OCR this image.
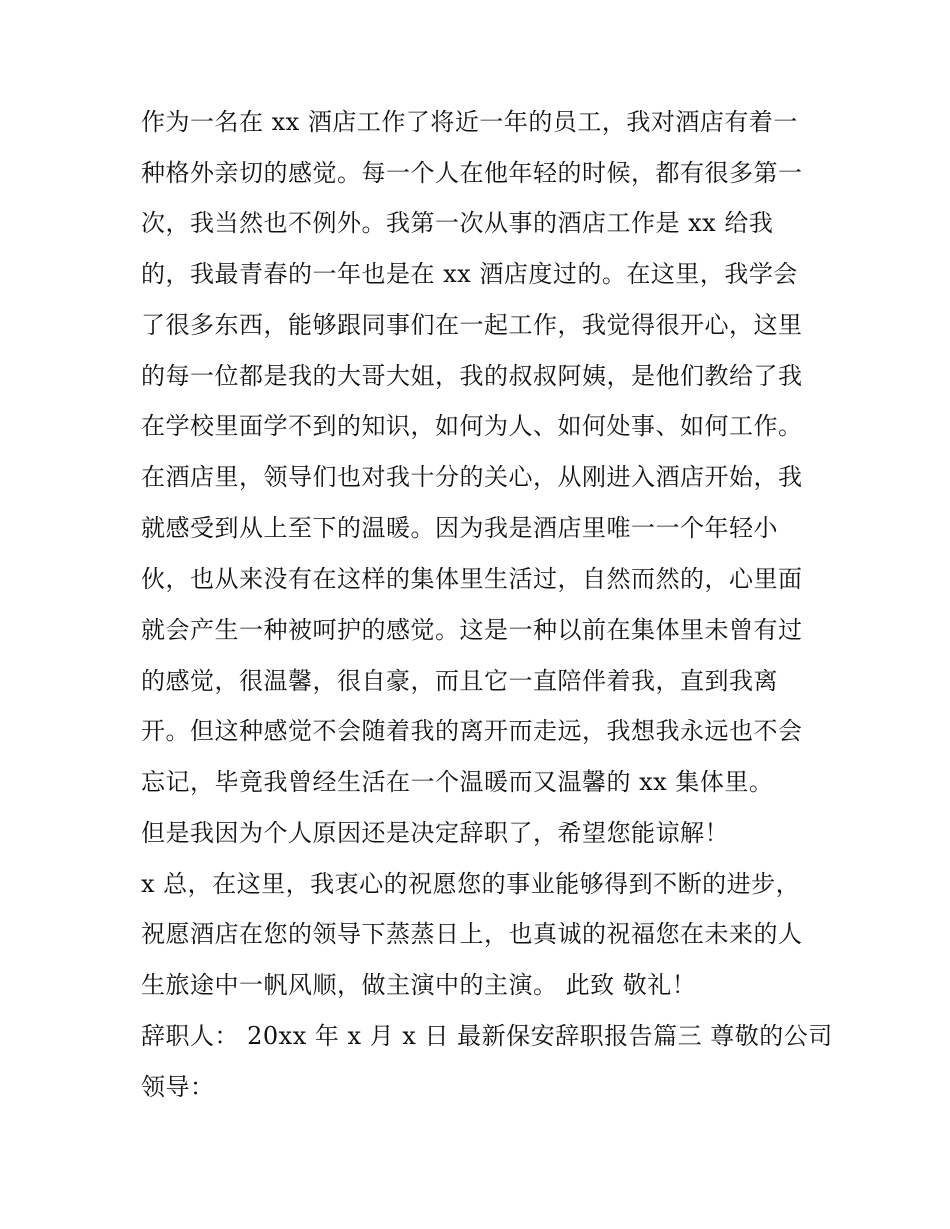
作为一名在 xx 酒店工作了将近一年的员工，我对酒店有着一
种格外亲切的感觉。每一个人在他年轻的时候，都有很多第一
次，我当然也不例外。我第一次从事的酒店工作是 xx 给我
的，我最青春的一年也是在 xx 酒店度过的。在这里，我学会
了很多东西，能够跟同事们在一起工作，我觉得很开心，这里
的每一位都是我的大哥大姐，我的叔叔阿姨，是他们教给了我
在学校里面学不到的知识，如何为人、如何处事、如何工作。
在酒店里，领导们也对我十分的关心，从刚进入酒店开始，我
就感受到从上至下的温暖。因为我是酒店里唯一一个年轻小
伙，也从来没有在这样的集体里生活过，自然而然的，心里面
就会产生一种被呵护的感觉。这是一种以前在集体里未曾有过
的感觉，很温馨，很自豪，而且它一直陪伴着我，直到我离
开。但这种感觉不会随着我的离开而走远，我想我永远也不会
忘记，毕竟我曾经生活在一个温暖而又温馨的 xx 集体里。
但是我因为个人原因还是决定辞职了，希望您能谅解！
x 总，在这里，我衷心的祝愿您的事业能够得到不断的进步，
祝愿酒店在您的领导下蒸蒸日上，也真诚的祝福您在未来的人
生旅途中一帆风顺，做主演中的主演。 此致 敬礼！
辞职人： 20xx 年 x 月 x 日 最新保安辞职报告篇三 尊敬的公司
领导：
